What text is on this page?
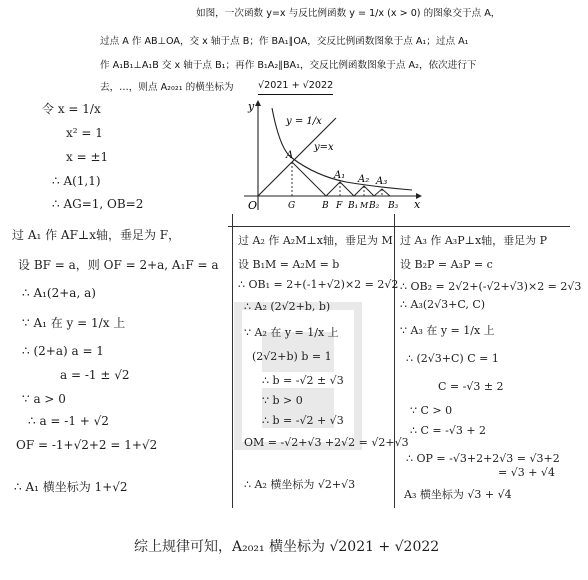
如图，一次函数 y=x 与反比例函数 y = 1/x (x > 0) 的图象交于点 A，
过点 A 作 AB⊥OA，交 x 轴于点 B；作 BA₁∥OA，交反比例函数图象于点 A₁；过点 A₁
作 A₁B₁⊥A₁B 交 x 轴于点 B₁；再作 B₁A₂∥BA₁，交反比例函数图象于点 A₂，依次进行下
去，…，则点 A₂₀₂₁ 的横坐标为	√2021 + √2022
y
x
O
y=x
y = 1/x
A
A₁ A₂ A₃
G	B F B₁ M B₂ B₃
令 x = 1/x
x² = 1
x = ±1
∴ A(1,1)
∴ AG=1, OB=2
过 A₁ 作 AF⊥x轴，垂足为 F，
设 BF = a，则 OF = 2+a, A₁F = a
∴ A₁(2+a, a)
∵ A₁ 在 y = 1/x 上
∴ (2+a) a = 1
a = -1 ± √2
∵ a > 0
∴ a = -1 + √2
OF = -1+√2+2 = 1+√2
∴ A₁ 横坐标为 1+√2
过 A₂ 作 A₂M⊥x轴，垂足为 M
设 B₁M = A₂M = b
∴ OB₁ = 2+(-1+√2)×2 = 2√2
∴ A₂ (2√2+b, b)
∵ A₂ 在 y = 1/x 上
(2√2+b) b = 1
∴ b = -√2 ± √3
∵ b > 0
∴ b = -√2 + √3
OM = -√2+√3 +2√2 = √2+√3
∴ A₂ 横坐标为 √2+√3
过 A₃ 作 A₃P⊥x轴，垂足为 P
设 B₂P = A₃P = c
∴ OB₂ = 2√2+(-√2+√3)×2 = 2√3
∴ A₃(2√3+C, C)
∵ A₃ 在 y = 1/x 上
∴ (2√3+C) C = 1
C = -√3 ± 2
∵ C > 0
∴ C = -√3 + 2
∴ OP = -√3+2+2√3 = √3+2
= √3 + √4
A₃ 横坐标为 √3 + √4
综上规律可知，A₂₀₂₁ 横坐标为 √2021 + √2022
